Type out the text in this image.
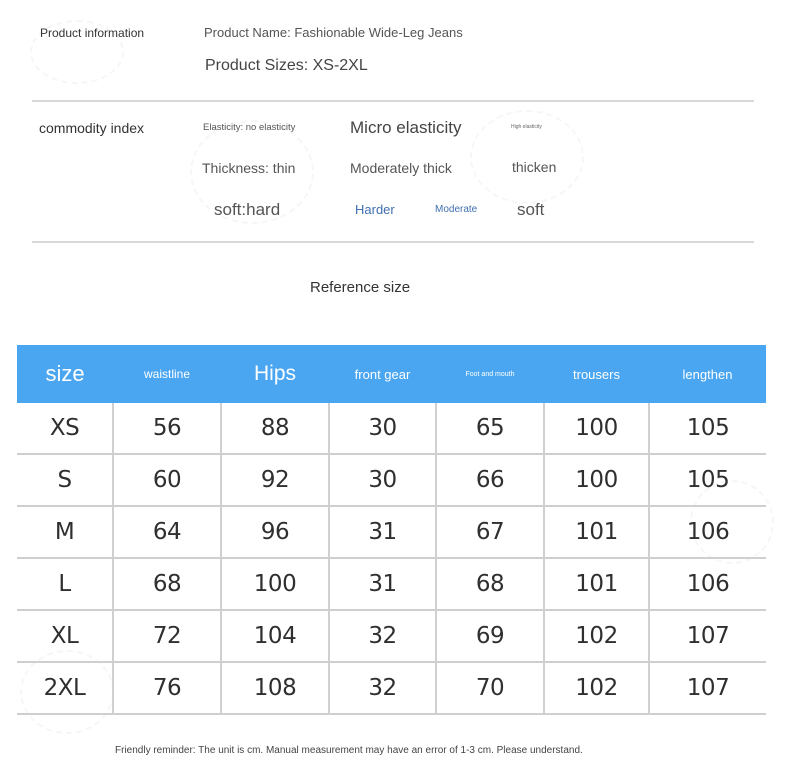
Product information	Product Name: Fashionable Wide-Leg Jeans
Product Sizes: XS-2XL
commodity index	Elasticity: no elasticity	Micro elasticity	High elasticity
Thickness: thin	Moderately thick	thicken
soft:hard	Harder	Moderate soft
Reference size
size	waistline	Hips	front gear	Foot and mouth	trousers	lengthen
XS	56	88	30	65	100	105
S	60	92	30	66	100	105
M	64	96	31	67	101	106
L	68	100	31	68	101	106
XL	72	104	32	69	102	107
2XL	76	108	32	70	102	107
Friendly reminder: The unit is cm. Manual measurement may have an error of 1-3 cm. Please understand.
